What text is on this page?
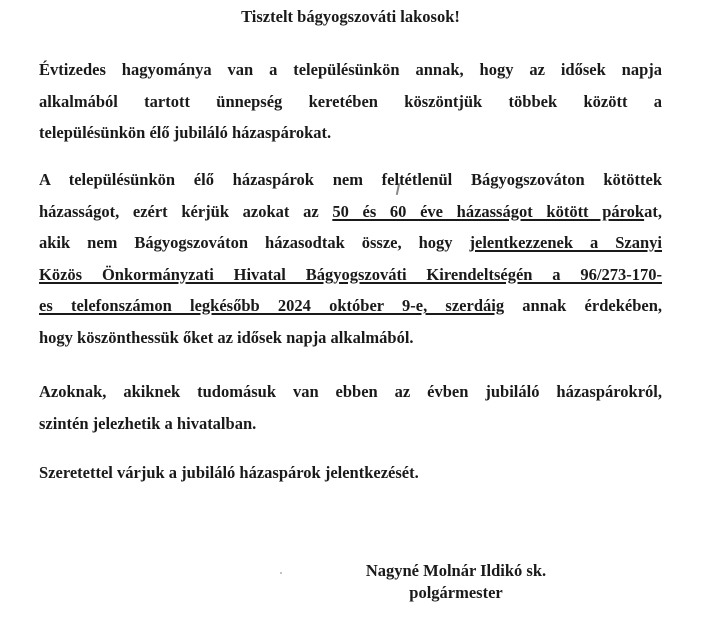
Tisztelt bágyogszováti lakosok!
Évtizedes hagyománya van a településünkön annak, hogy az idősek napja
alkalmából tartott ünnepség keretében köszöntjük többek között a
településünkön élő jubiláló házaspárokat.
A településünkön élő házaspárok nem feltétlenül Bágyogszováton kötöttek
házasságot, ezért kérjük azokat az 50 és 60 éve házasságot kötött párokat,
akik nem Bágyogszováton házasodtak össze, hogy jelentkezzenek a Szanyi
Közös Önkormányzati Hivatal Bágyogszováti Kirendeltségén a 96/273-170-
es telefonszámon legkésőbb 2024 október 9-e, szerdáig annak érdekében,
hogy köszönthessük őket az idősek napja alkalmából.
Azoknak, akiknek tudomásuk van ebben az évben jubiláló házaspárokról,
szintén jelezhetik a hivatalban.
Szeretettel várjuk a jubiláló házaspárok jelentkezését.
Nagyné Molnár Ildikó sk.
polgármester
